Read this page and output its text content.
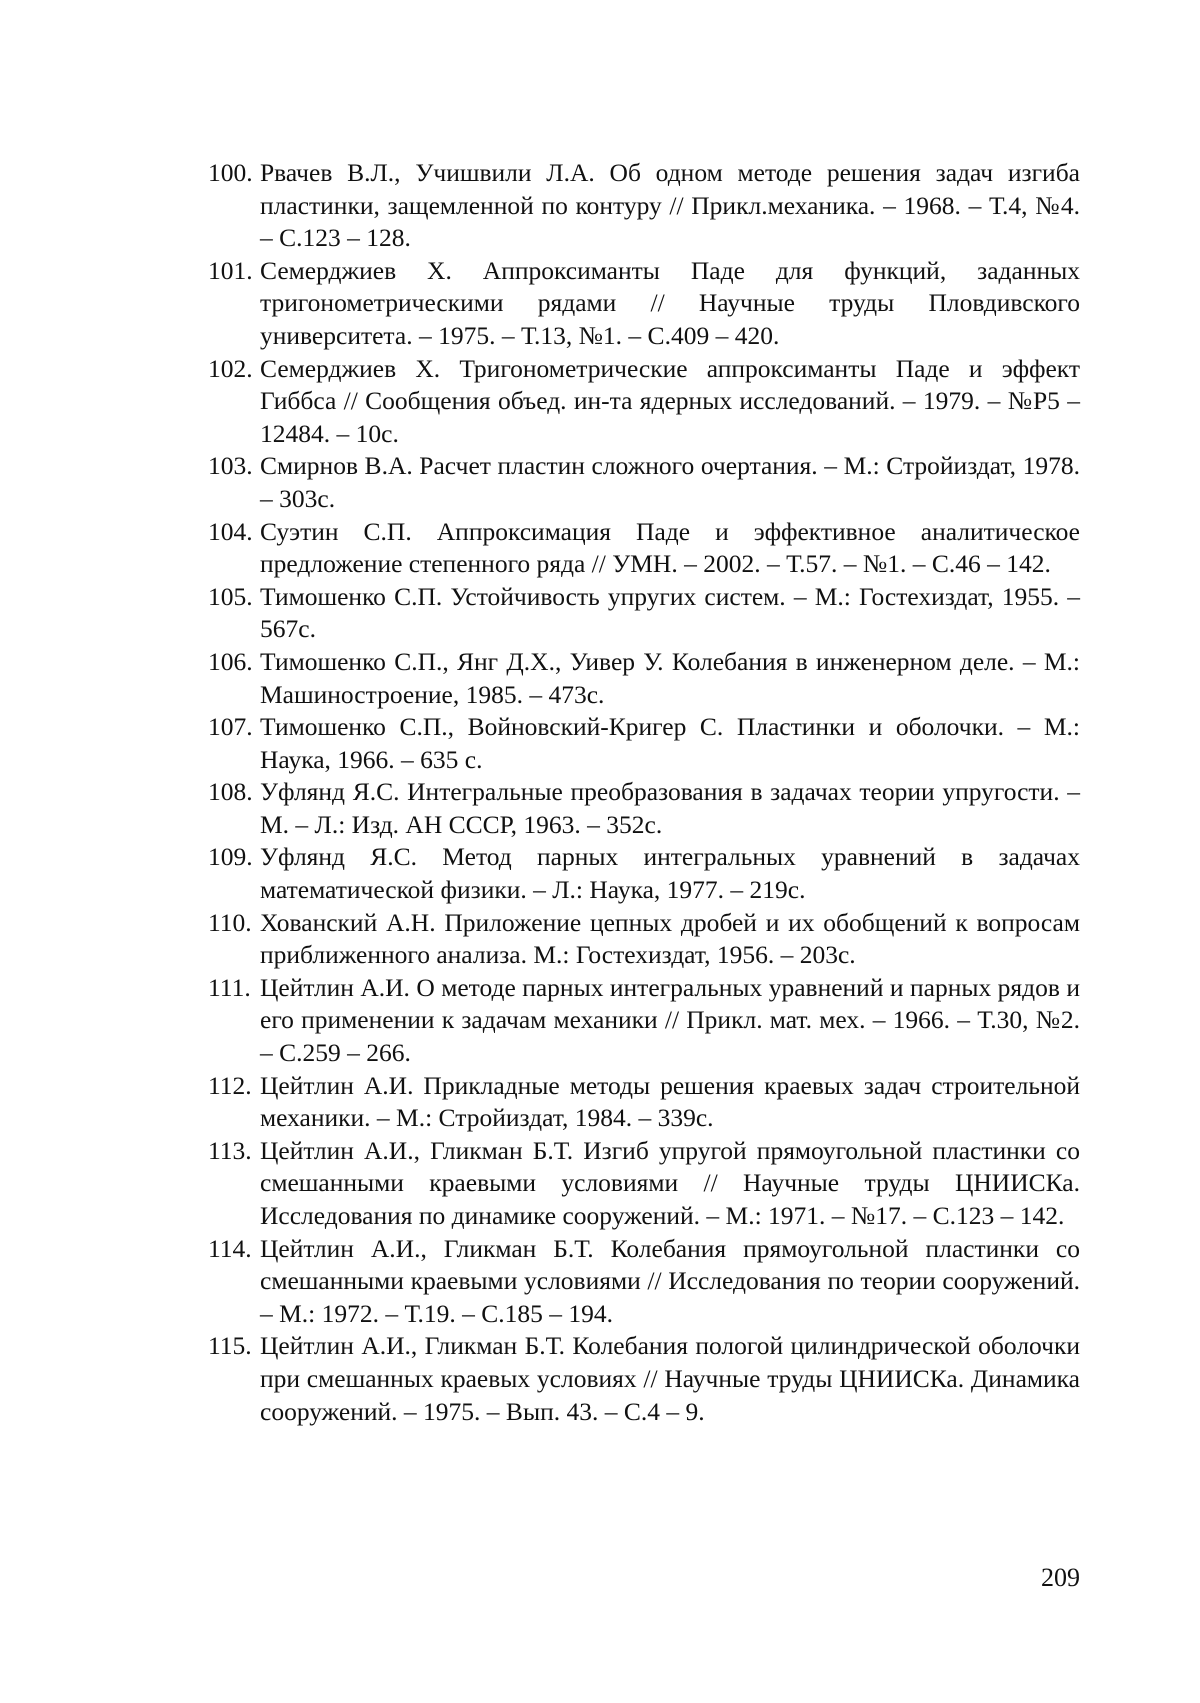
100. Рвачев В.Л., Учишвили Л.А. Об одном методе решения задач изгиба пластинки, защемленной по контуру // Прикл.механика. – 1968. – Т.4, №4. – С.123 – 128.
101. Семерджиев Х. Аппроксиманты Паде для функций, заданных тригонометрическими рядами // Научные труды Пловдивского университета. – 1975. – Т.13, №1. – С.409 – 420.
102. Семерджиев Х. Тригонометрические аппроксиманты Паде и эффект Гиббса // Сообщения объед. ин-та ядерных исследований. – 1979. – №Р5 – 12484. – 10с.
103. Смирнов В.А. Расчет пластин сложного очертания. – М.: Стройиздат, 1978. – 303с.
104. Суэтин С.П. Аппроксимация Паде и эффективное аналитическое предложение степенного ряда // УМН. – 2002. – Т.57. – №1. – С.46 – 142.
105. Тимошенко С.П. Устойчивость упругих систем. – М.: Гостехиздат, 1955. – 567с.
106. Тимошенко С.П., Янг Д.Х., Уивер У. Колебания в инженерном деле. – М.: Машиностроение, 1985. – 473с.
107. Тимошенко С.П., Войновский-Кригер С. Пластинки и оболочки. – М.: Наука, 1966. – 635 с.
108. Уфлянд Я.С. Интегральные преобразования в задачах теории упругости. – М. – Л.: Изд. АН СССР, 1963. – 352с.
109. Уфлянд Я.С. Метод парных интегральных уравнений в задачах математической физики. – Л.: Наука, 1977. – 219с.
110. Хованский А.Н. Приложение цепных дробей и их обобщений к вопросам приближенного анализа. М.: Гостехиздат, 1956. – 203с.
111. Цейтлин А.И. О методе парных интегральных уравнений и парных рядов и его применении к задачам механики // Прикл. мат. мех. – 1966. – Т.30, №2. – С.259 – 266.
112. Цейтлин А.И. Прикладные методы решения краевых задач строительной механики. – М.: Стройиздат, 1984. – 339с.
113. Цейтлин А.И., Гликман Б.Т. Изгиб упругой прямоугольной пластинки со смешанными краевыми условиями // Научные труды ЦНИИСКа. Исследования по динамике сооружений. – М.: 1971. – №17. – С.123 – 142.
114. Цейтлин А.И., Гликман Б.Т. Колебания прямоугольной пластинки со смешанными краевыми условиями // Исследования по теории сооружений. – М.: 1972. – Т.19. – С.185 – 194.
115. Цейтлин А.И., Гликман Б.Т. Колебания пологой цилиндрической оболочки при смешанных краевых условиях // Научные труды ЦНИИСКа. Динамика сооружений. – 1975. – Вып. 43. – С.4 – 9.
209
